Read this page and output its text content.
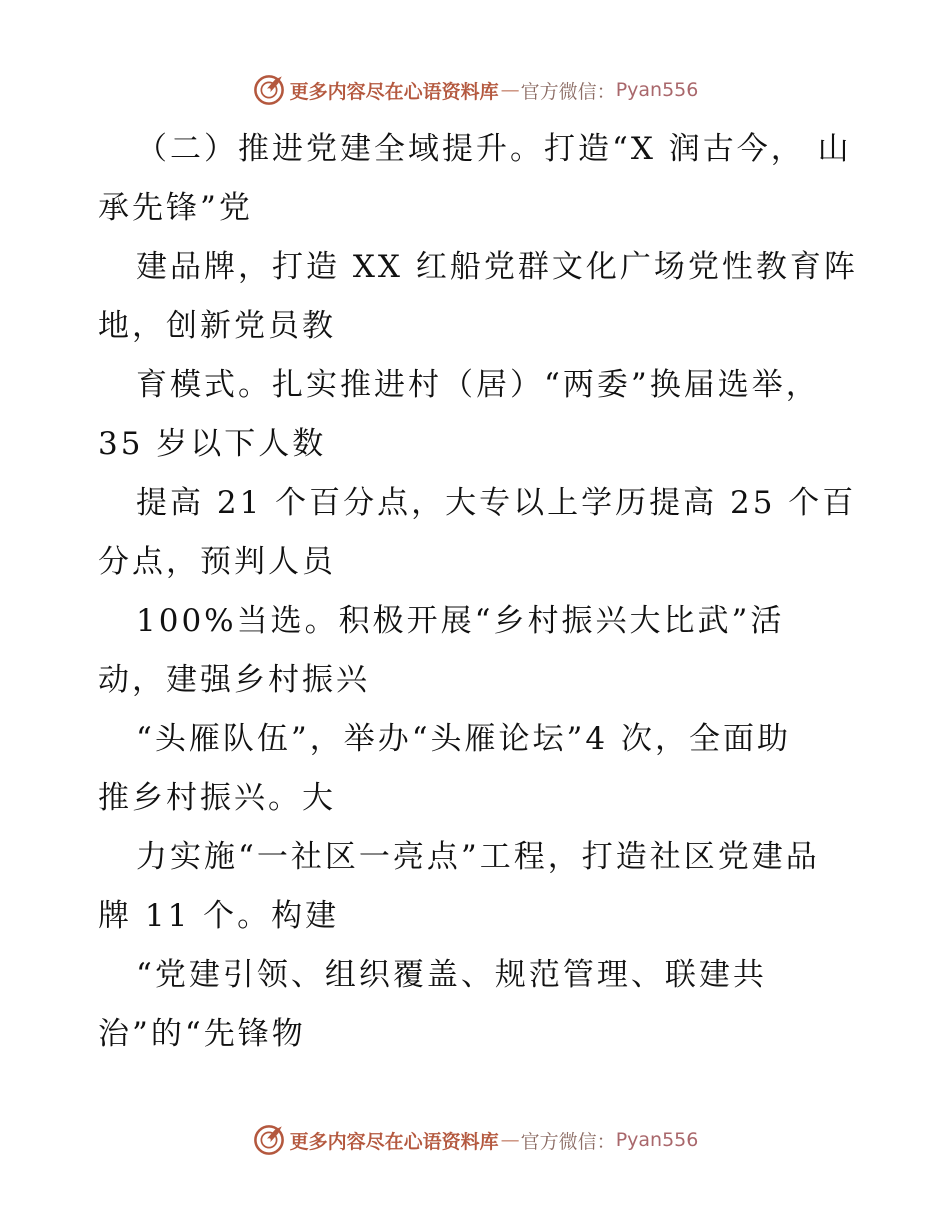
更多内容尽在心语资料库 — 官方微信： Pyan556
（二）推进党建全域提升。打造“X 润古今， 山
承先锋”党
建品牌，打造 XX 红船党群文化广场党性教育阵
地，创新党员教
育模式。扎实推进村（居）“两委”换届选举，
35 岁以下人数
提高 21 个百分点，大专以上学历提高 25 个百
分点，预判人员
100%当选。积极开展“乡村振兴大比武”活
动，建强乡村振兴
“头雁队伍”，举办“头雁论坛”4 次，全面助
推乡村振兴。大
力实施“一社区一亮点”工程，打造社区党建品
牌 11 个。构建
“党建引领、组织覆盖、规范管理、联建共
治”的“先锋物
更多内容尽在心语资料库 — 官方微信： Pyan556
